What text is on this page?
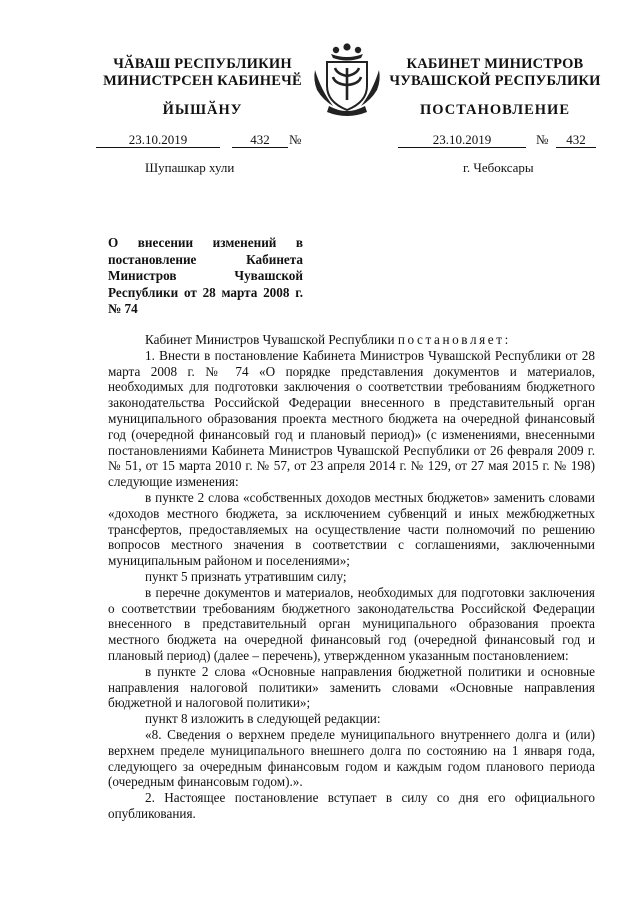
ЧӐВАШ РЕСПУБЛИКИН
МИНИСТРСЕН КАБИНЕЧӖ
ЙЫШӐНУ
КАБИНЕТ МИНИСТРОВ
ЧУВАШСКОЙ РЕСПУБЛИКИ
ПОСТАНОВЛЕНИЕ
23.10.2019	432	№	23.10.2019	№	432
Шупашкар хули	г. Чебоксары
О внесении изменений в постановление Кабинета Министров Чувашской Республики от 28 марта 2008 г. № 74

Кабинет Министров Чувашской Республики постановляет:

1. Внести в постановление Кабинета Министров Чувашской Республики от 28 марта 2008 г. № 74 «О порядке представления документов и материалов, необходимых для подготовки заключения о соответствии требованиям бюджетного законодательства Российской Федерации внесенного в представительный орган муниципального образования проекта местного бюджета на очередной финансовый год (очередной финансовый год и плановый период)» (с изменениями, внесенными постановлениями Кабинета Министров Чувашской Республики от 26 февраля 2009 г. № 51, от 15 марта 2010 г. № 57, от 23 апреля 2014 г. № 129, от 27 мая 2015 г. № 198) следующие изменения:

в пункте 2 слова «собственных доходов местных бюджетов» заменить словами «доходов местного бюджета, за исключением субвенций и иных межбюджетных трансфертов, предоставляемых на осуществление части полномочий по решению вопросов местного значения в соответствии с соглашениями, заключенными муниципальным районом и поселениями»;

пункт 5 признать утратившим силу;

в перечне документов и материалов, необходимых для подготовки заключения о соответствии требованиям бюджетного законодательства Российской Федерации внесенного в представительный орган муниципального образования проекта местного бюджета на очередной финансовый год (очередной финансовый год и плановый период) (далее – перечень), утвержденном указанным постановлением:

в пункте 2 слова «Основные направления бюджетной политики и основные направления налоговой политики» заменить словами «Основные направления бюджетной и налоговой политики»;

пункт 8 изложить в следующей редакции:

«8. Сведения о верхнем пределе муниципального внутреннего долга и (или) верхнем пределе муниципального внешнего долга по состоянию на 1 января года, следующего за очередным финансовым годом и каждым годом планового периода (очередным финансовым годом).».

2. Настоящее постановление вступает в силу со дня его официального опубликования.
